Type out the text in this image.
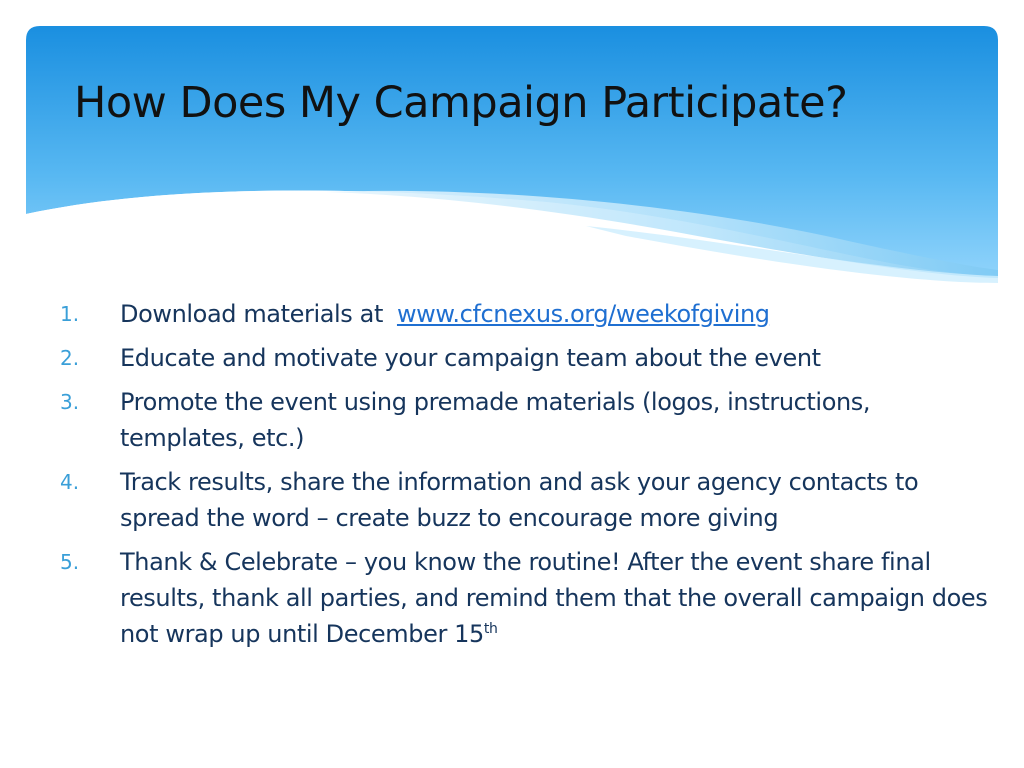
How Does My Campaign Participate?
1. Download materials at www.cfcnexus.org/weekofgiving
2. Educate and motivate your campaign team about the event
3. Promote the event using premade materials (logos, instructions, templates, etc.)
4. Track results, share the information and ask your agency contacts to spread the word – create buzz to encourage more giving
5. Thank & Celebrate – you know the routine! After the event share final results, thank all parties, and remind them that the overall campaign does not wrap up until December 15th
